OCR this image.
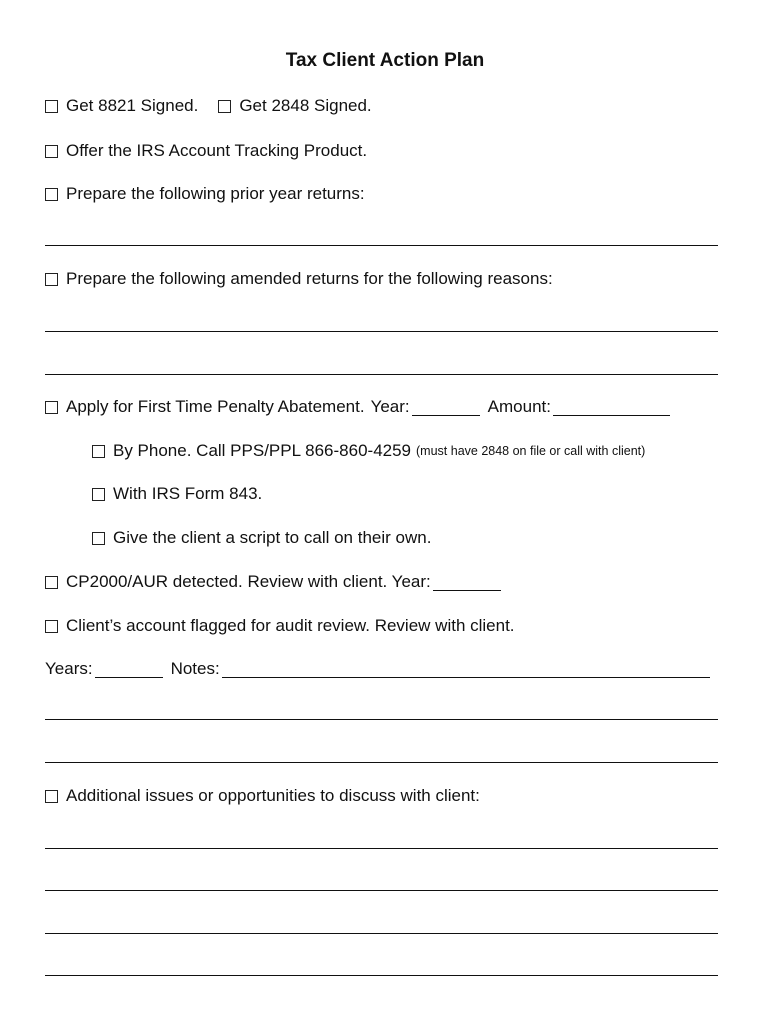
Tax Client Action Plan
Get 8821 Signed. Get 2848 Signed.
Offer the IRS Account Tracking Product.
Prepare the following prior year returns:
Prepare the following amended returns for the following reasons:
Apply for First Time Penalty Abatement. Year:	Amount:
By Phone. Call PPS/PPL 866-860-4259 (must have 2848 on file or call with client)
With IRS Form 843.
Give the client a script to call on their own.
CP2000/AUR detected. Review with client. Year:
Client’s account flagged for audit review. Review with client.
Years:	Notes:
Additional issues or opportunities to discuss with client:
